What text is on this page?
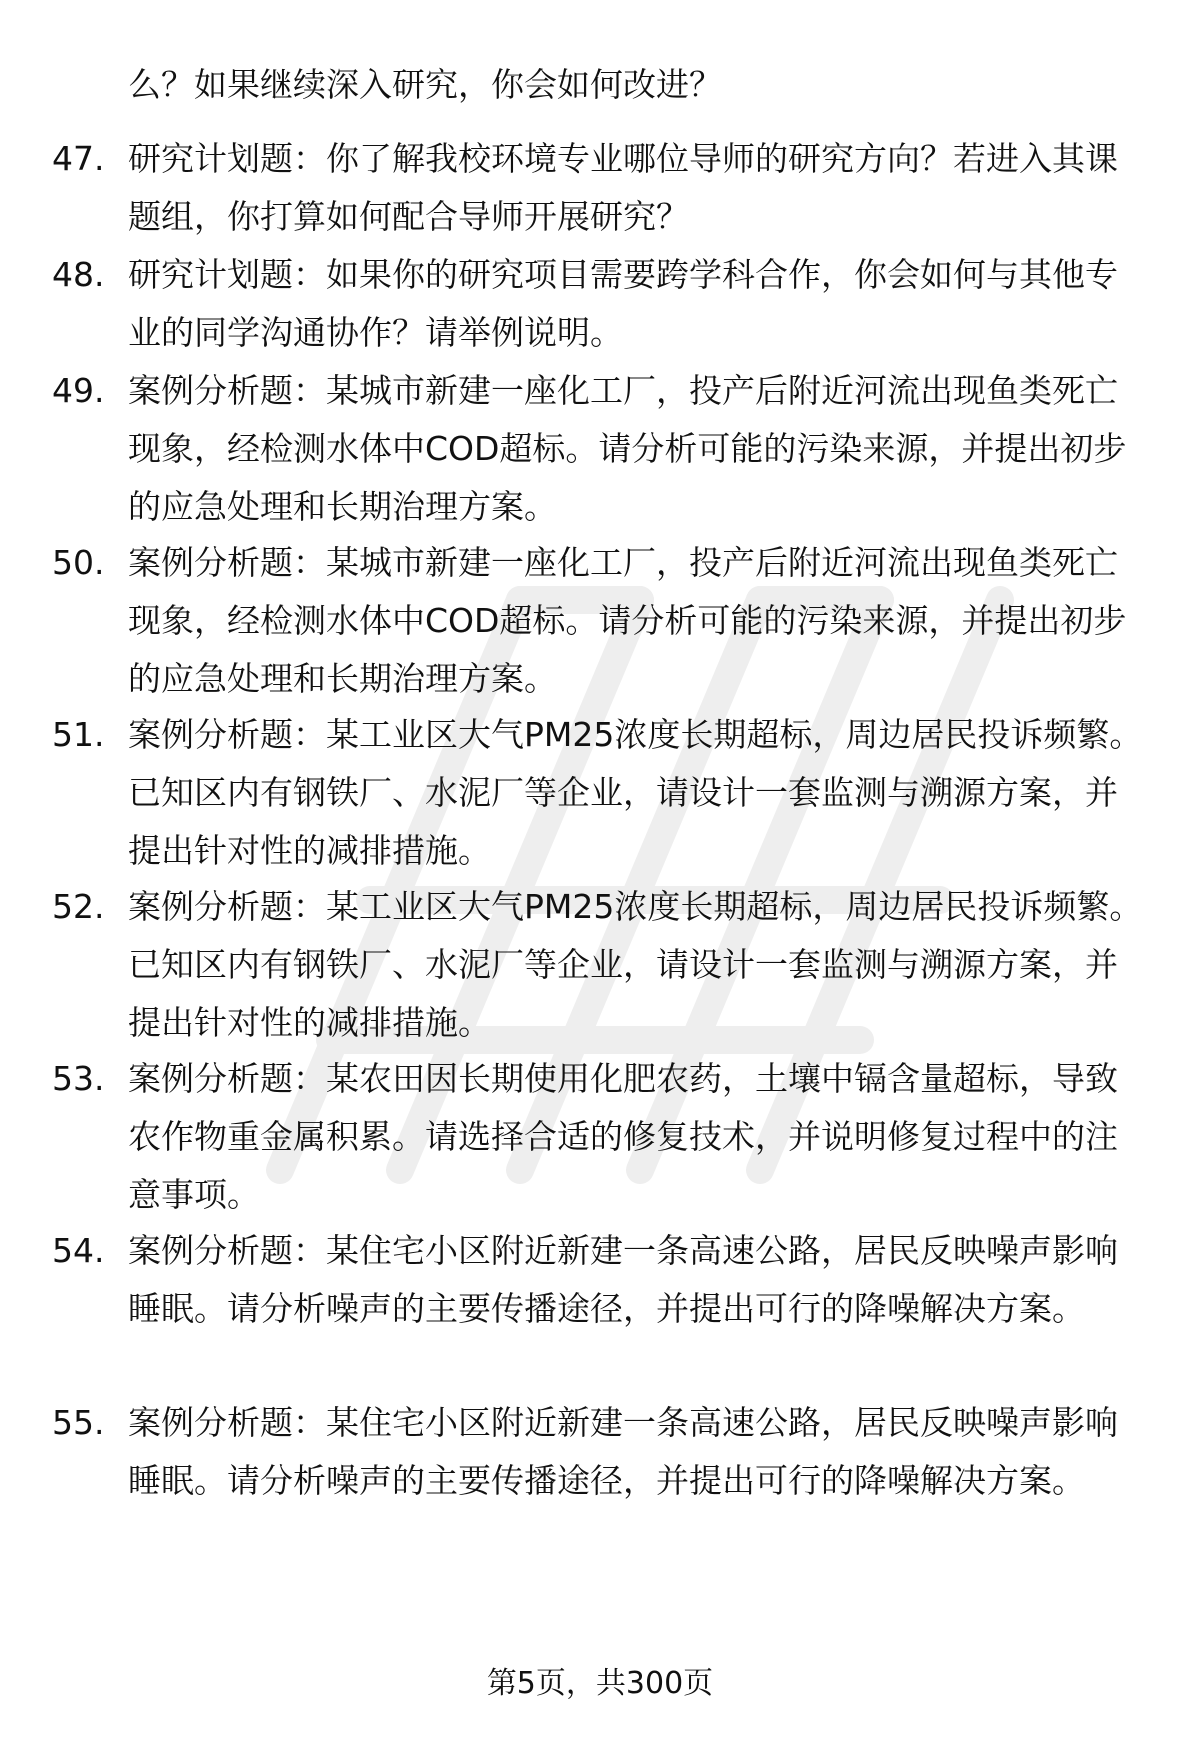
么？如果继续深入研究，你会如何改进？
47. 研究计划题：你了解我校环境专业哪位导师的研究方向？若进入其课题组，你打算如何配合导师开展研究？
48. 研究计划题：如果你的研究项目需要跨学科合作，你会如何与其他专业的同学沟通协作？请举例说明。
49. 案例分析题：某城市新建一座化工厂，投产后附近河流出现鱼类死亡现象，经检测水体中COD超标。请分析可能的污染来源，并提出初步的应急处理和长期治理方案。
50. 案例分析题：某城市新建一座化工厂，投产后附近河流出现鱼类死亡现象，经检测水体中COD超标。请分析可能的污染来源，并提出初步的应急处理和长期治理方案。
51. 案例分析题：某工业区大气PM25浓度长期超标，周边居民投诉频繁。已知区内有钢铁厂、水泥厂等企业，请设计一套监测与溯源方案，并提出针对性的减排措施。
52. 案例分析题：某工业区大气PM25浓度长期超标，周边居民投诉频繁。已知区内有钢铁厂、水泥厂等企业，请设计一套监测与溯源方案，并提出针对性的减排措施。
53. 案例分析题：某农田因长期使用化肥农药，土壤中镉含量超标，导致农作物重金属积累。请选择合适的修复技术，并说明修复过程中的注意事项。
54. 案例分析题：某住宅小区附近新建一条高速公路，居民反映噪声影响睡眠。请分析噪声的主要传播途径，并提出可行的降噪解决方案。
55. 案例分析题：某住宅小区附近新建一条高速公路，居民反映噪声影响睡眠。请分析噪声的主要传播途径，并提出可行的降噪解决方案。
第5页，共300页
